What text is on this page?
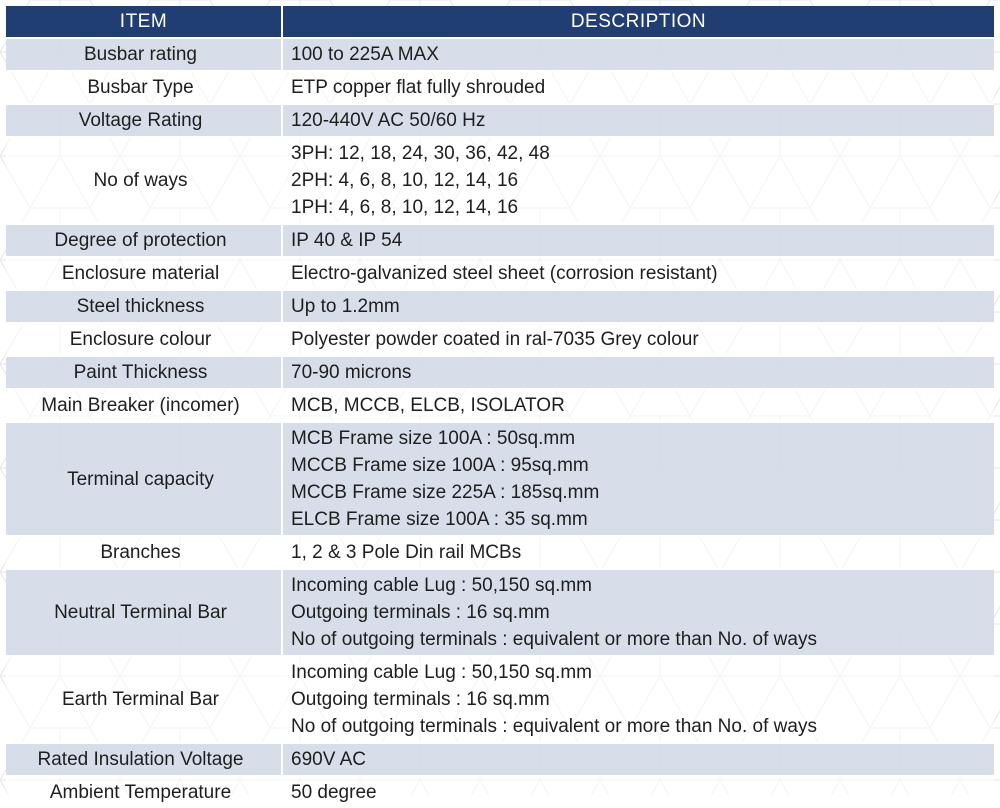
ITEM	DESCRIPTION
Busbar rating	100 to 225A MAX

Busbar Type	ETP copper flat fully shrouded

Voltage Rating	120-440V AC 50/60 Hz

No of ways	3PH: 12, 18, 24, 30, 36, 42, 48
2PH: 4, 6, 8, 10, 12, 14, 16
1PH: 4, 6, 8, 10, 12, 14, 16

Degree of protection	IP 40 & IP 54

Enclosure material	Electro-galvanized steel sheet (corrosion resistant)

Steel thickness	Up to 1.2mm

Enclosure colour	Polyester powder coated in ral-7035 Grey colour

Paint Thickness	70-90 microns

Main Breaker (incomer)	MCB, MCCB, ELCB, ISOLATOR

Terminal capacity	MCB Frame size 100A : 50sq.mm
MCCB Frame size 100A : 95sq.mm
MCCB Frame size 225A : 185sq.mm
ELCB Frame size 100A : 35 sq.mm

Branches	1, 2 & 3 Pole Din rail MCBs

Neutral Terminal Bar	Incoming cable Lug : 50,150 sq.mm
Outgoing terminals : 16 sq.mm
No of outgoing terminals : equivalent or more than No. of ways

Earth Terminal Bar	Incoming cable Lug : 50,150 sq.mm
Outgoing terminals : 16 sq.mm
No of outgoing terminals : equivalent or more than No. of ways

Rated Insulation Voltage	690V AC

Ambient Temperature	50 degree
